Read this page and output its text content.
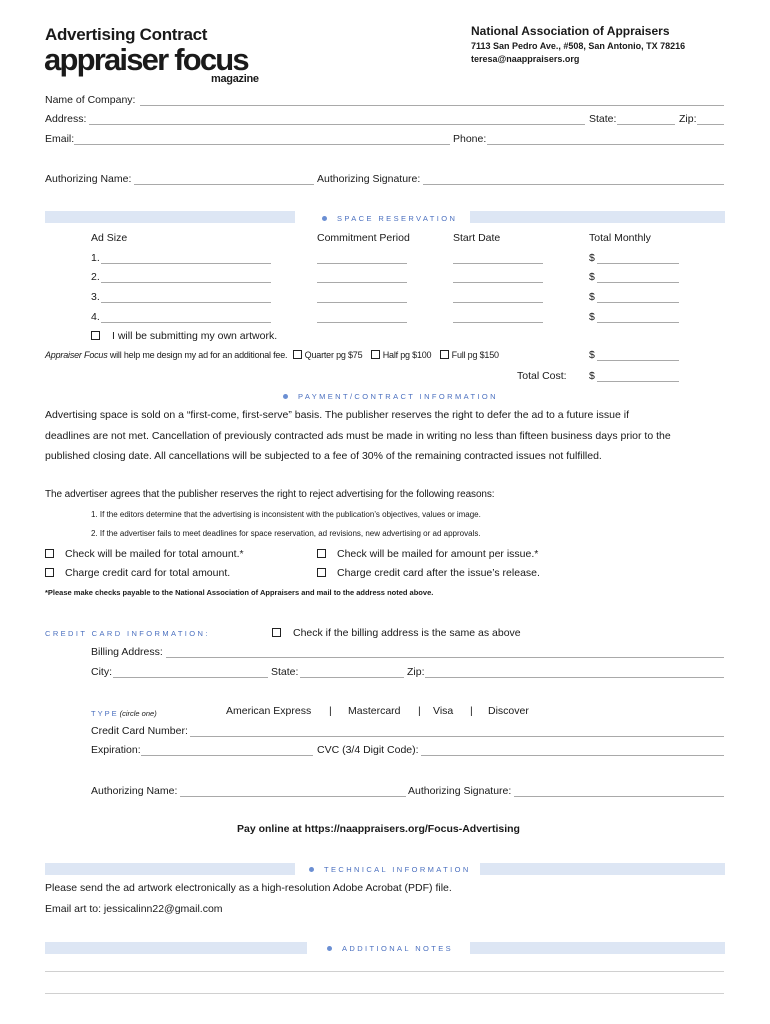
Advertising Contract
appraiser focus
magazine
National Association of Appraisers
7113 San Pedro Ave., #508, San Antonio, TX 78216
teresa@naappraisers.org
Name of Company:
Address:	State:	Zip:
Email:	Phone:
Authorizing Name:	Authorizing Signature:
SPACE RESERVATION
Ad Size	Commitment Period	Start Date	Total Monthly
1.	$
2.	$
3.	$
4.	$
I will be submitting my own artwork.
Appraiser Focus will help me design my ad for an additional fee. Quarter pg $75 Half pg $100 Full pg $150	$
Total Cost: $
PAYMENT/CONTRACT INFORMATION
Advertising space is sold on a “first-come, first-serve” basis. The publisher reserves the right to defer the ad to a future issue if
deadlines are not met. Cancellation of previously contracted ads must be made in writing no less than fifteen business days prior to the
published closing date. All cancellations will be subjected to a fee of 30% of the remaining contracted issues not fulfilled.
The advertiser agrees that the publisher reserves the right to reject advertising for the following reasons:
1. If the editors determine that the advertising is inconsistent with the publication’s objectives, values or image.
2. If the advertiser fails to meet deadlines for space reservation, ad revisions, new advertising or ad approvals.
Check will be mailed for total amount.*	Check will be mailed for amount per issue.*
Charge credit card for total amount.	Charge credit card after the issue’s release.
*Please make checks payable to the National Association of Appraisers and mail to the address noted above.
CREDIT CARD INFORMATION:	Check if the billing address is the same as above
Billing Address:
City:	State:	Zip:
TYPE(circle one)	American Express | Mastercard | Visa | Discover
Credit Card Number:
Expiration:	CVC (3/4 Digit Code):
Authorizing Name:	Authorizing Signature:
Pay online at https://naappraisers.org/Focus-Advertising
TECHNICAL INFORMATION
Please send the ad artwork electronically as a high-resolution Adobe Acrobat (PDF) file.
Email art to: jessicalinn22@gmail.com
ADDITIONAL NOTES
